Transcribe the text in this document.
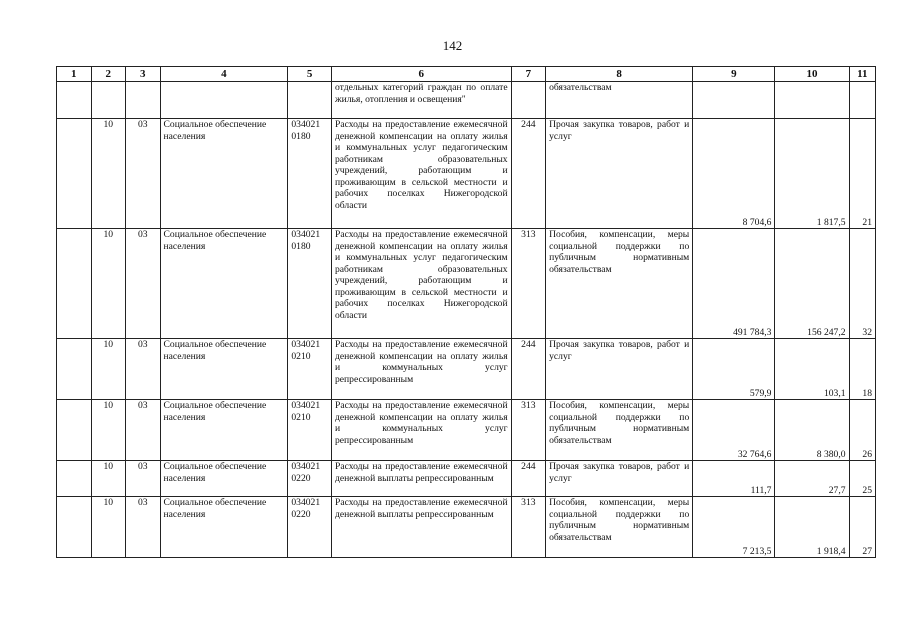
142
1	2	3	4	5	6	7	8	9	10	11
					отдельных категорий граждан по оплате жилья, отопления и освещения"		обязательствам			
	10	03	Социальное обеспечение населения	034021 0180	Расходы на предоставление ежемесячной денежной компенсации на оплату жилья и коммунальных услуг педагогическим работникам образовательных учреждений, работающим и проживающим в сельской местности и рабочих поселках Нижегородской области	244	Прочая закупка товаров, работ и услуг	8 704,6	1 817,5	21
	10	03	Социальное обеспечение населения	034021 0180	Расходы на предоставление ежемесячной денежной компенсации на оплату жилья и коммунальных услуг педагогическим работникам образовательных учреждений, работающим и проживающим в сельской местности и рабочих поселках Нижегородской области	313	Пособия, компенсации, меры социальной поддержки по публичным нормативным обязательствам	491 784,3	156 247,2	32
	10	03	Социальное обеспечение населения	034021 0210	Расходы на предоставление ежемесячной денежной компенсации на оплату жилья и коммунальных услуг репрессированным	244	Прочая закупка товаров, работ и услуг	579,9	103,1	18
	10	03	Социальное обеспечение населения	034021 0210	Расходы на предоставление ежемесячной денежной компенсации на оплату жилья и коммунальных услуг репрессированным	313	Пособия, компенсации, меры социальной поддержки по публичным нормативным обязательствам	32 764,6	8 380,0	26
	10	03	Социальное обеспечение населения	034021 0220	Расходы на предоставление ежемесячной денежной выплаты репрессированным	244	Прочая закупка товаров, работ и услуг	111,7	27,7	25
	10	03	Социальное обеспечение населения	034021 0220	Расходы на предоставление ежемесячной денежной выплаты репрессированным	313	Пособия, компенсации, меры социальной поддержки по публичным нормативным обязательствам	7 213,5	1 918,4	27
